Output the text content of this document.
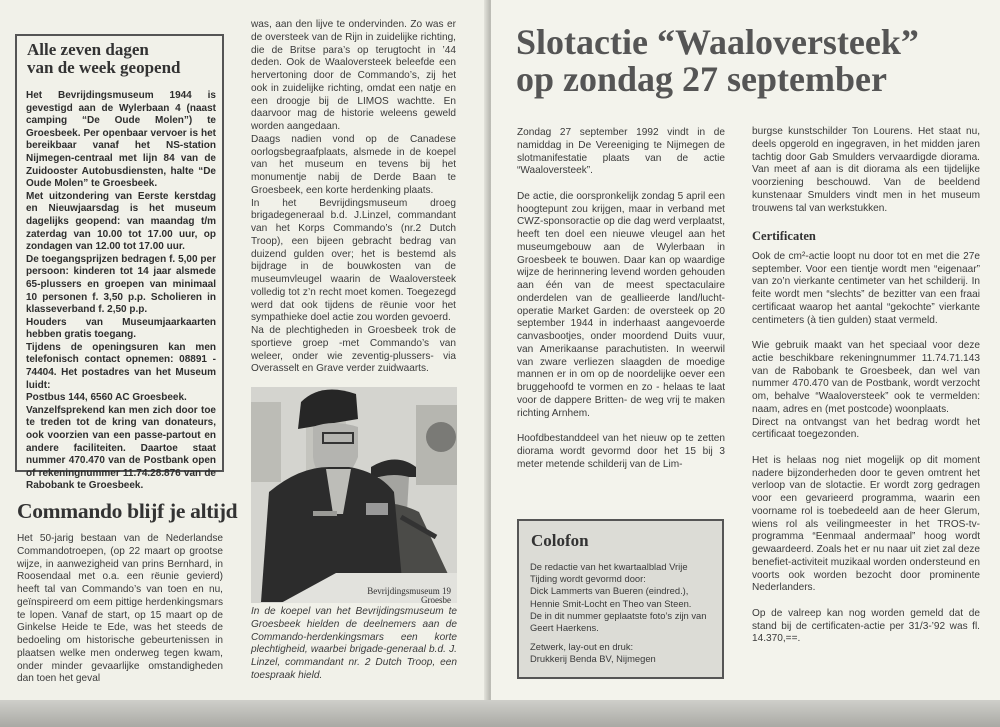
Alle zeven dagen
van de week geopend

Het Bevrijdingsmuseum 1944 is gevestigd aan de Wylerbaan 4 (naast camping “De Oude Molen”) te Groesbeek. Per openbaar vervoer is het bereikbaar vanaf het NS-station Nijmegen-centraal met lijn 84 van de Zuidooster Autobusdiensten, halte “De Oude Molen” te Groesbeek.

Met uitzondering van Eerste kerstdag en Nieuwjaarsdag is het museum dagelijks geopend: van maandag t/m zaterdag van 10.00 tot 17.00 uur, op zondagen van 12.00 tot 17.00 uur.

De toegangsprijzen bedragen f. 5,00 per persoon: kinderen tot 14 jaar alsmede 65-plussers en groepen van minimaal 10 personen f. 3,50 p.p. Scholieren in klasseverband f. 2,50 p.p.

Houders van Museumjaarkaarten hebben gratis toegang.

Tijdens de openingsuren kan men telefonisch contact opnemen: 08891 - 74404. Het postadres van het Museum luidt:

Postbus 144, 6560 AC Groesbeek.

Vanzelfsprekend kan men zich door toe te treden tot de kring van donateurs, ook voorzien van een passe-partout en andere faciliteiten. Daartoe staat nummer 470.470 van de Postbank open of rekeningnummer 11.74.28.876 van de Rabobank te Groesbeek.

Commando blijf je altijd

Het 50-jarig bestaan van de Nederlandse Commandotroepen, (op 22 maart op grootse wijze, in aanwezigheid van prins Bernhard, in Roosendaal met o.a. een rëunie gevierd) heeft tal van Commando’s van toen en nu, geïnspireerd om eem pittige herdenkingsmars te lopen. Vanaf de start, op 15 maart op de Ginkelse Heide te Ede, was het steeds de bedoeling om historische gebeurtenissen in plaatsen welke men onderweg tegen kwam, onder minder gevaarlijke omstandigheden dan toen het geval

was, aan den lijve te ondervinden. Zo was er de oversteek van de Rijn in zuidelijke richting, die de Britse para’s op terugtocht in ’44 deden. Ook de Waaloversteek beleefde een hervertoning door de Commando’s, zij het ook in zuidelijke richting, omdat een natje en een droogje bij de LIMOS wachtte. En daarvoor mag de historie weleens geweld worden aangedaan.

Daags nadien vond op de Canadese oorlogsbegraafplaats, alsmede in de koepel van het museum en tevens bij het monumentje nabij de Derde Baan te Groesbeek, een korte herdenking plaats.

In het Bevrijdingsmuseum droeg brigadegeneraal b.d. J.Linzel, commandant van het Korps Commando’s (nr.2 Dutch Troop), een bijeen gebracht bedrag van duizend gulden over; het is bestemd als bijdrage in de bouwkosten van de museumvleugel waarin de Waaloversteek volledig tot z’n recht moet komen. Toegezegd werd dat ook tijdens de rëunie voor het sympathieke doel actie zou worden gevoerd.

Na de plechtigheden in Groesbeek trok de sportieve groep -met Commando’s van weleer, onder wie zeventig-plussers- via Overasselt en Grave verder zuidwaarts.

Bevrijdingsmuseum 19
Groesbe
In de koepel van het Bevrijdingsmuseum te Groesbeek hielden de deelnemers aan de Commando-herdenkingsmars een korte plechtigheid, waarbei brigade-generaal b.d. J. Linzel, commandant nr. 2 Dutch Troop, een toespraak hield.
Slotactie “Waaloversteek”
op zondag 27 september

Zondag 27 september 1992 vindt in de namiddag in De Vereeniging te Nijmegen de slotmanifestatie plaats van de actie “Waaloversteek”.

De actie, die oorspronkelijk zondag 5 april een hoogtepunt zou krijgen, maar in verband met CWZ-sponsoractie op die dag werd verplaatst, heeft ten doel een nieuwe vleugel aan het museumgebouw aan de Wylerbaan in Groesbeek te bouwen. Daar kan op waardige wijze de herinnering levend worden gehouden aan één van de meest spectaculaire onderdelen van de geallieerde land/lucht-operatie Market Garden: de oversteek op 20 september 1944 in inderhaast aangevoerde canvasbootjes, onder moordend Duits vuur, van Amerikaanse parachutisten. In weerwil van zware verliezen slaagden de moedige mannen er in om op de noordelijke oever een bruggehoofd te vormen en zo - helaas te laat voor de dappere Britten- de weg vrij te maken richting Arnhem.

Hoofdbestanddeel van het nieuw op te zetten diorama wordt gevormd door het 15 bij 3 meter metende schilderij van de Lim-

Colofon

De redactie van het kwartaalblad Vrije Tijding wordt gevormd door:

Dick Lammerts van Bueren (eindred.), Hennie Smit-Locht en Theo van Steen.

De in dit nummer geplaatste foto’s zijn van Geert Haerkens.

Zetwerk, lay-out en druk:

Drukkerij Benda BV, Nijmegen

burgse kunstschilder Ton Lourens. Het staat nu, deels opgerold en ingegraven, in het midden jaren tachtig door Gab Smulders vervaardigde diorama. Van meet af aan is dit diorama als een tijdelijke voorziening beschouwd. Van de beeldend kunstenaar Smulders vindt men in het museum trouwens tal van werkstukken.

Certificaten

Ook de cm²-actie loopt nu door tot en met die 27e september. Voor een tientje wordt men “eigenaar” van zo’n vierkante centimeter van het schilderij. In feite wordt men “slechts” de bezitter van een fraai certificaat waarop het aantal “gekochte” vierkante centimeters (à tien gulden) staat vermeld.

Wie gebruik maakt van het speciaal voor deze actie beschikbare rekeningnummer 11.74.71.143 van de Rabobank te Groesbeek, dan wel van nummer 470.470 van de Postbank, wordt verzocht om, behalve “Waaloversteek” ook te vermelden: naam, adres en (met postcode) woonplaats.

Direct na ontvangst van het bedrag wordt het certificaat toegezonden.

Het is helaas nog niet mogelijk op dit moment nadere bijzonderheden door te geven omtrent het verloop van de slotactie. Er wordt zorg gedragen voor een gevarieerd programma, waarin een voorname rol is toebedeeld aan de heer Glerum, wiens rol als veilingmeester in het TROS-tv-programma “Eenmaal andermaal” hoog wordt gewaardeerd. Zoals het er nu naar uit ziet zal deze benefiet-activiteit muzikaal worden ondersteund en voorts ook worden bezocht door prominente Nederlanders.

Op de valreep kan nog worden gemeld dat de stand bij de certificaten-actie per 31/3-’92 was fl. 14.370,==.
